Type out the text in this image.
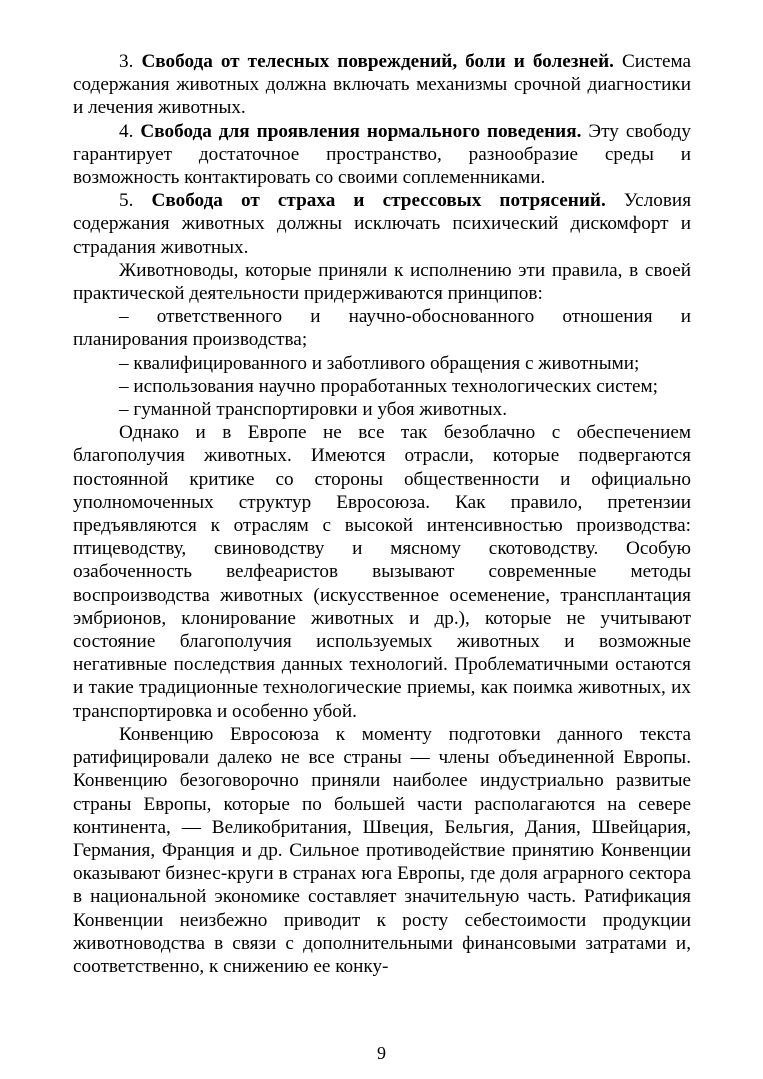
3. Свобода от телесных повреждений, боли и болезней. Система содержания животных должна включать механизмы срочной диагностики и лечения животных.

4. Свобода для проявления нормального поведения. Эту свободу гарантирует достаточное пространство, разнообразие среды и возможность контактировать со своими соплеменниками.

5. Свобода от страха и стрессовых потрясений. Условия содержания животных должны исключать психический дискомфорт и страдания животных.

Животноводы, которые приняли к исполнению эти правила, в своей практической деятельности придерживаются принципов:

– ответственного и научно-обоснованного отношения и планирования производства;

– квалифицированного и заботливого обращения с животными;

– использования научно проработанных технологических систем;

– гуманной транспортировки и убоя животных.

Однако и в Европе не все так безоблачно с обеспечением благополучия животных. Имеются отрасли, которые подвергаются постоянной критике со стороны общественности и официально уполномоченных структур Евросоюза. Как правило, претензии предъявляются к отраслям с высокой интенсивностью производства: птицеводству, свиноводству и мясному скотоводству. Особую озабоченность велфеаристов вызывают современные методы воспроизводства животных (искусственное осеменение, трансплантация эмбрионов, клонирование животных и др.), которые не учитывают состояние благополучия используемых животных и возможные негативные последствия данных технологий. Проблематичными остаются и такие традиционные технологические приемы, как поимка животных, их транспортировка и особенно убой.

Конвенцию Евросоюза к моменту подготовки данного текста ратифицировали далеко не все страны — члены объединенной Европы. Конвенцию безоговорочно приняли наиболее индустриально развитые страны Европы, которые по большей части располагаются на севере континента, — Великобритания, Швеция, Бельгия, Дания, Швейцария, Германия, Франция и др. Сильное противодействие принятию Конвенции оказывают бизнес-круги в странах юга Европы, где доля аграрного сектора в национальной экономике составляет значительную часть. Ратификация Конвенции неизбежно приводит к росту себестоимости продукции животноводства в связи с дополнительными финансовыми затратами и, соответственно, к снижению ее конку-

9
